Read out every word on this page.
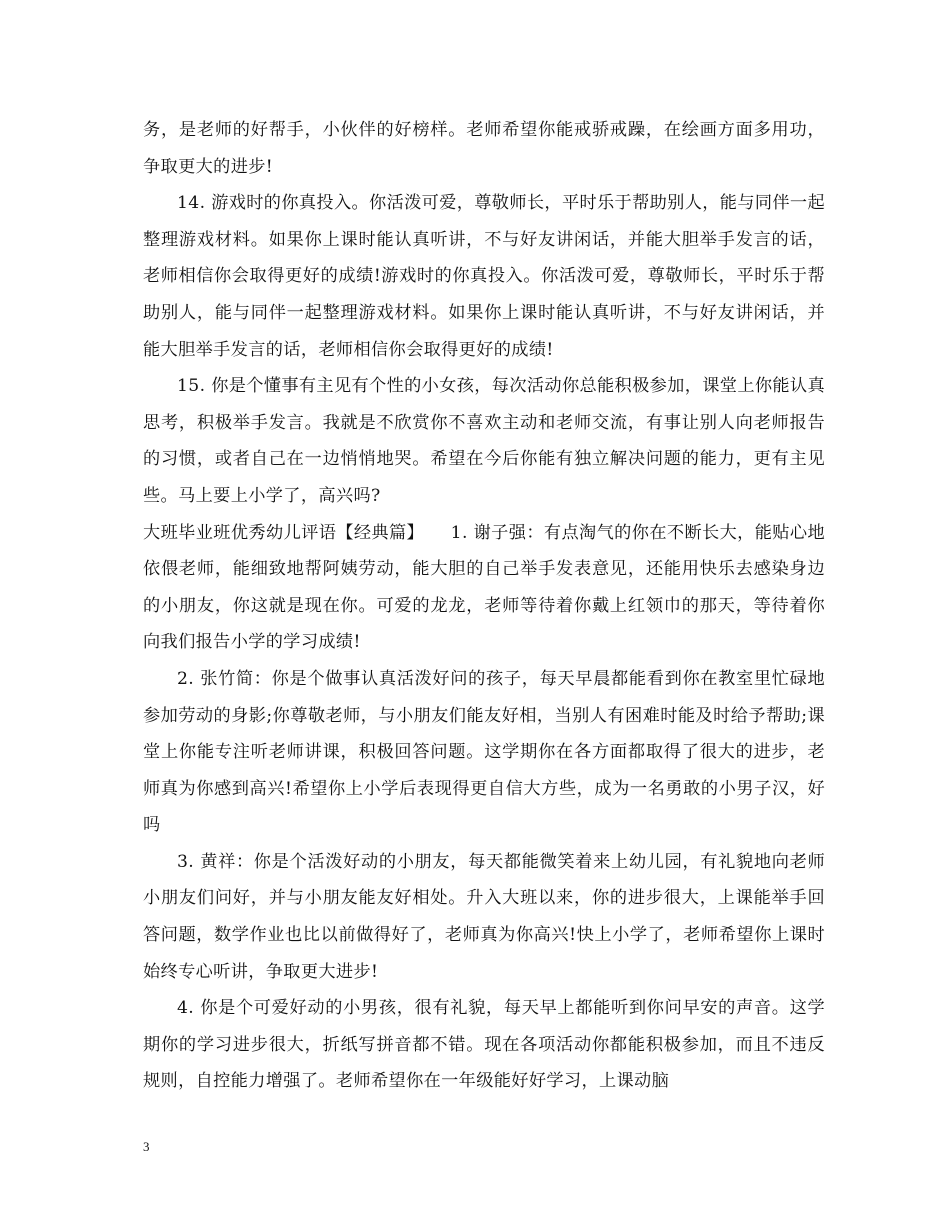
务，是老师的好帮手，小伙伴的好榜样。老师希望你能戒骄戒躁，在绘画方面多用功，争取更大的进步!

14. 游戏时的你真投入。你活泼可爱，尊敬师长，平时乐于帮助别人，能与同伴一起整理游戏材料。如果你上课时能认真听讲，不与好友讲闲话，并能大胆举手发言的话，老师相信你会取得更好的成绩!游戏时的你真投入。你活泼可爱，尊敬师长，平时乐于帮助别人，能与同伴一起整理游戏材料。如果你上课时能认真听讲，不与好友讲闲话，并能大胆举手发言的话，老师相信你会取得更好的成绩!

15. 你是个懂事有主见有个性的小女孩，每次活动你总能积极参加，课堂上你能认真思考，积极举手发言。我就是不欣赏你不喜欢主动和老师交流，有事让别人向老师报告的习惯，或者自己在一边悄悄地哭。希望在今后你能有独立解决问题的能力，更有主见些。马上要上小学了，高兴吗?

大班毕业班优秀幼儿评语【经典篇】　　1. 谢子强：有点淘气的你在不断长大，能贴心地依偎老师，能细致地帮阿姨劳动，能大胆的自己举手发表意见，还能用快乐去感染身边的小朋友，你这就是现在你。可爱的龙龙，老师等待着你戴上红领巾的那天，等待着你向我们报告小学的学习成绩!

2. 张竹简：你是个做事认真活泼好问的孩子，每天早晨都能看到你在教室里忙碌地参加劳动的身影;你尊敬老师，与小朋友们能友好相，当别人有困难时能及时给予帮助;课堂上你能专注听老师讲课，积极回答问题。这学期你在各方面都取得了很大的进步，老师真为你感到高兴!希望你上小学后表现得更自信大方些，成为一名勇敢的小男子汉，好吗

3. 黄祥：你是个活泼好动的小朋友，每天都能微笑着来上幼儿园，有礼貌地向老师小朋友们问好，并与小朋友能友好相处。升入大班以来，你的进步很大，上课能举手回答问题，数学作业也比以前做得好了，老师真为你高兴!快上小学了，老师希望你上课时始终专心听讲，争取更大进步!

4. 你是个可爱好动的小男孩，很有礼貌，每天早上都能听到你问早安的声音。这学期你的学习进步很大，折纸写拼音都不错。现在各项活动你都能积极参加，而且不违反规则，自控能力增强了。老师希望你在一年级能好好学习，上课动脑

3
